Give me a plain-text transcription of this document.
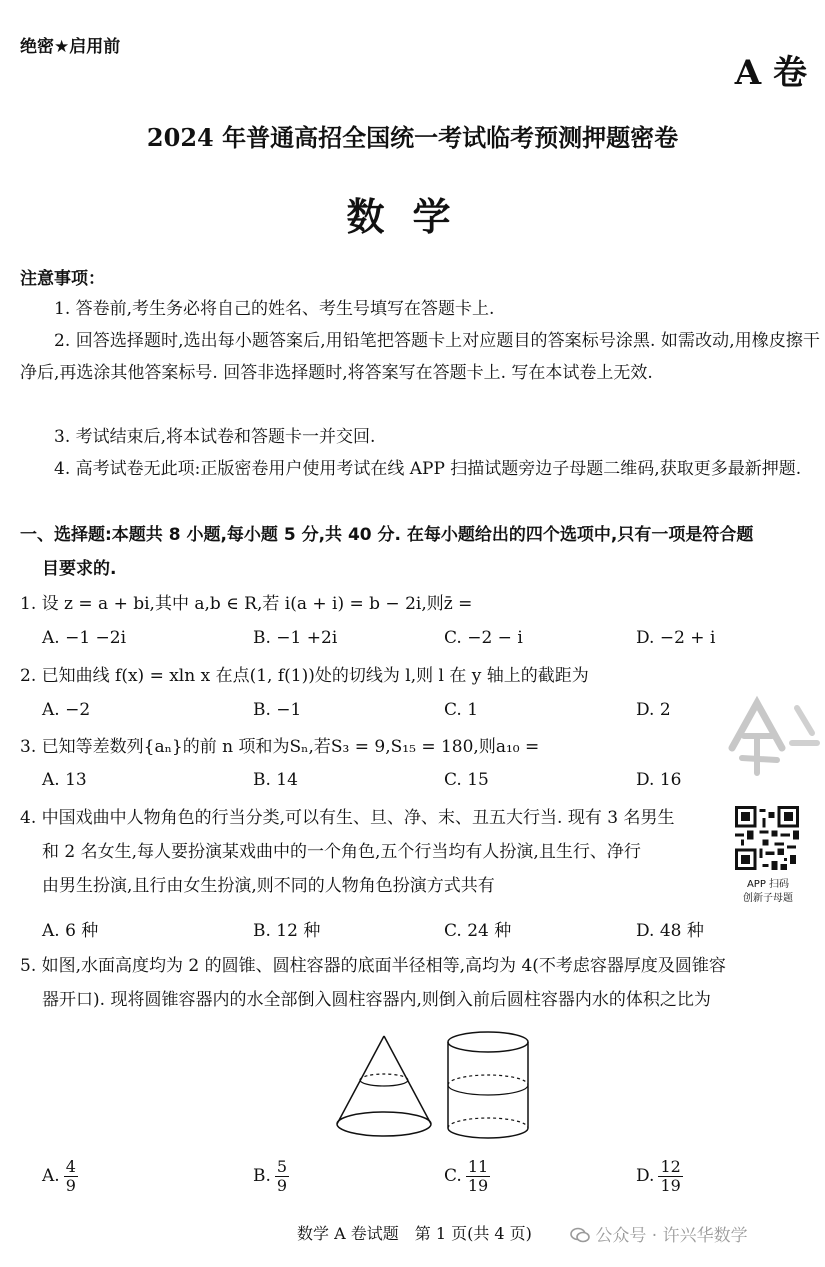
绝密★启用前
A 卷
2024 年普通高招全国统一考试临考预测押题密卷
数学
注意事项：
1. 答卷前,考生务必将自己的姓名、考生号填写在答题卡上.
2. 回答选择题时,选出每小题答案后,用铅笔把答题卡上对应题目的答案标号涂黑. 如需改动,用橡皮擦干净后,再选涂其他答案标号. 回答非选择题时,将答案写在答题卡上. 写在本试卷上无效.
3. 考试结束后,将本试卷和答题卡一并交回.
4. 高考试卷无此项:正版密卷用户使用考试在线 APP 扫描试题旁边子母题二维码,获取更多最新押题.
一、选择题:本题共 8 小题,每小题 5 分,共 40 分. 在每小题给出的四个选项中,只有一项是符合题
目要求的.
1. 设 z = a + bi,其中 a,b ∈ R,若 i(a + i) = b − 2i,则z̄ =
A. −1 −2i	B. −1 +2i	C. −2 − i	D. −2 + i
2. 已知曲线 f(x) = xln x 在点(1, f(1))处的切线为 l,则 l 在 y 轴上的截距为
A. −2	B. −1	C. 1	D. 2
3. 已知等差数列{aₙ}的前 n 项和为Sₙ,若S₃ = 9,S₁₅ = 180,则a₁₀ =
A. 13	B. 14	C. 15	D. 16
4. 中国戏曲中人物角色的行当分类,可以有生、旦、净、末、丑五大行当. 现有 3 名男生
和 2 名女生,每人要扮演某戏曲中的一个角色,五个行当均有人扮演,且生行、净行
由男生扮演,且行由女生扮演,则不同的人物角色扮演方式共有	APP 扫码
创新子母题
A. 6 种	B. 12 种	C. 24 种	D. 48 种
5. 如图,水面高度均为 2 的圆锥、圆柱容器的底面半径相等,高均为 4(不考虑容器厚度及圆锥容
器开口). 现将圆锥容器内的水全部倒入圆柱容器内,则倒入前后圆柱容器内水的体积之比为
A. $\frac{4}{9}$	B. $\frac{5}{9}$	C. $\frac{11}{19}$	D. $\frac{12}{19}$
数学 A 卷试题　第 1 页(共 4 页)	公众号 · 许兴华数学
